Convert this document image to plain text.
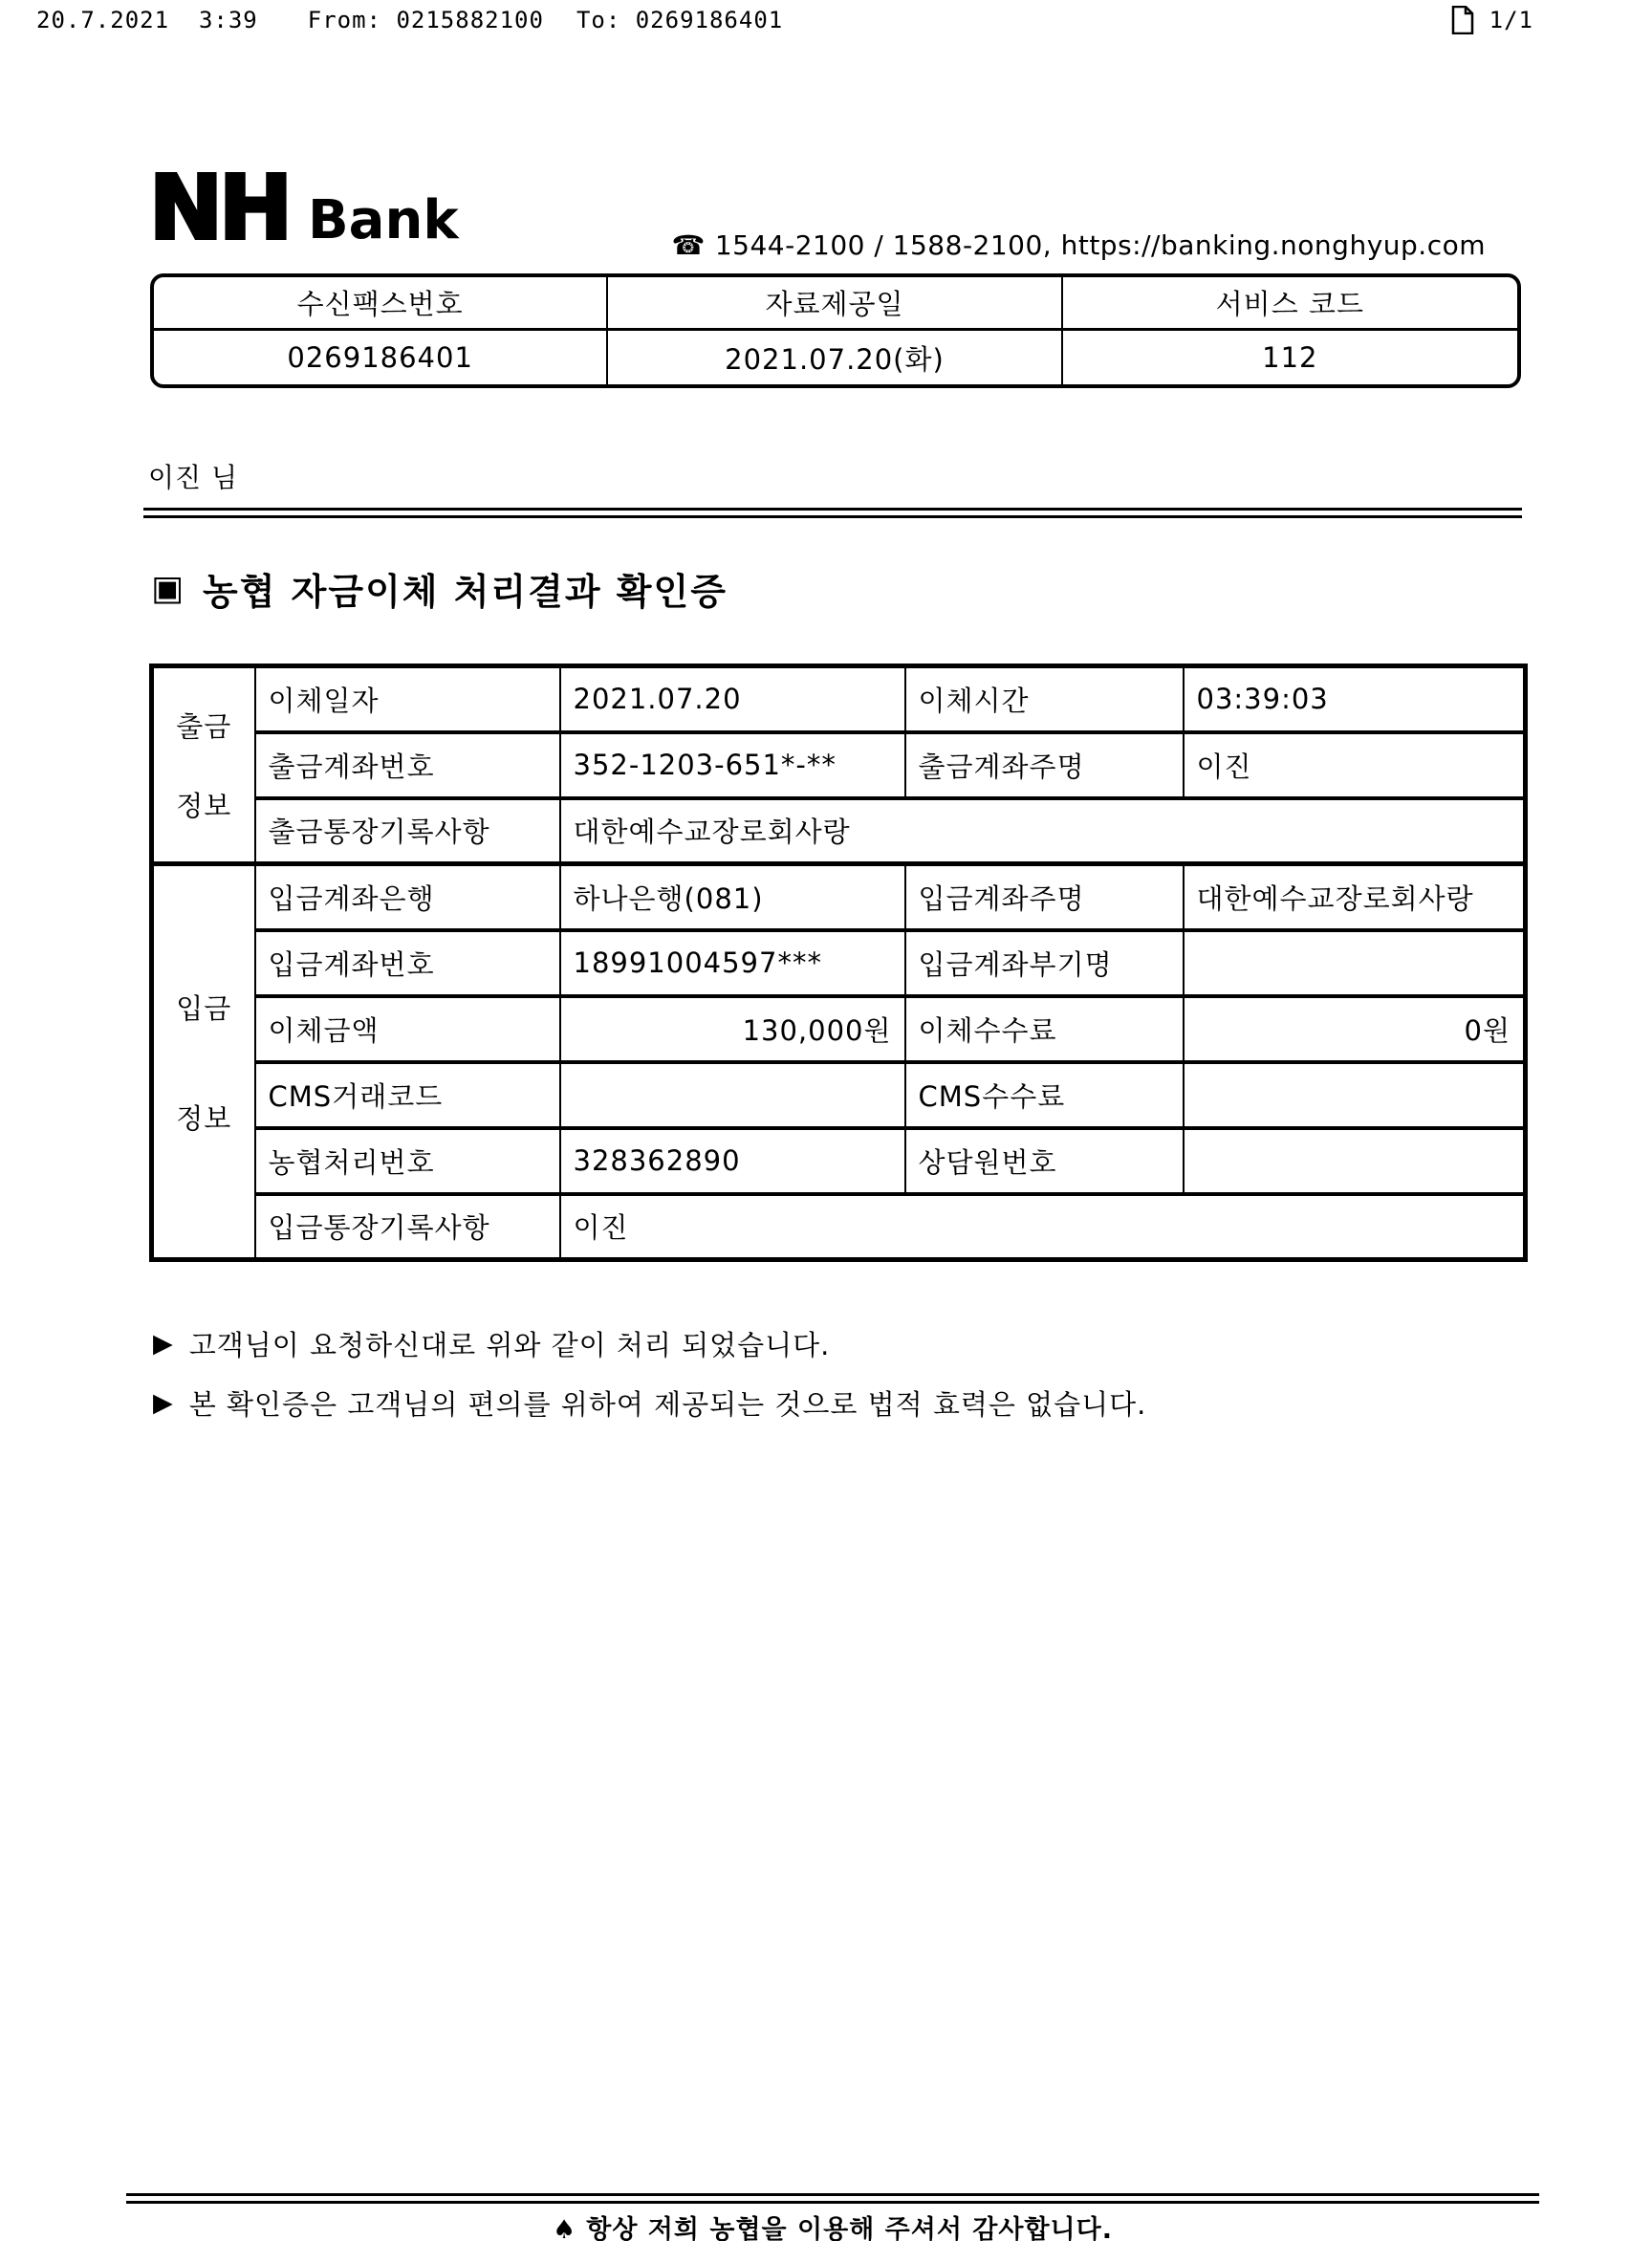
20.7.2021  3:39 From: 0215882100 To: 0269186401	1/1
NH Bank	☎ 1544-2100 / 1588-2100, https://banking.nonghyup.com
수신팩스번호	자료제공일	서비스 코드
0269186401	2021.07.20(화)	112
이진 님
▣ 농협 자금이체 처리결과 확인증
출금
정보	이체일자	2021.07.20	이체시간	03:39:03
	출금계좌번호	352-1203-651*-**	출금계좌주명	이진
	출금통장기록사항	대한예수교장로회사랑		

입금
정보	입금계좌은행	하나은행(081)	입금계좌주명	대한예수교장로회사랑
	입금계좌번호	18991004597***	입금계좌부기명	
	이체금액	130,000원	이체수수료	0원
	CMS거래코드		CMS수수료	
	농협처리번호	328362890	상담원번호	
	입금통장기록사항	이진		
▶ 고객님이 요청하신대로 위와 같이 처리 되었습니다.
▶ 본 확인증은 고객님의 편의를 위하여 제공되는 것으로 법적 효력은 없습니다.
♠ 항상 저희 농협을 이용해 주셔서 감사합니다.
